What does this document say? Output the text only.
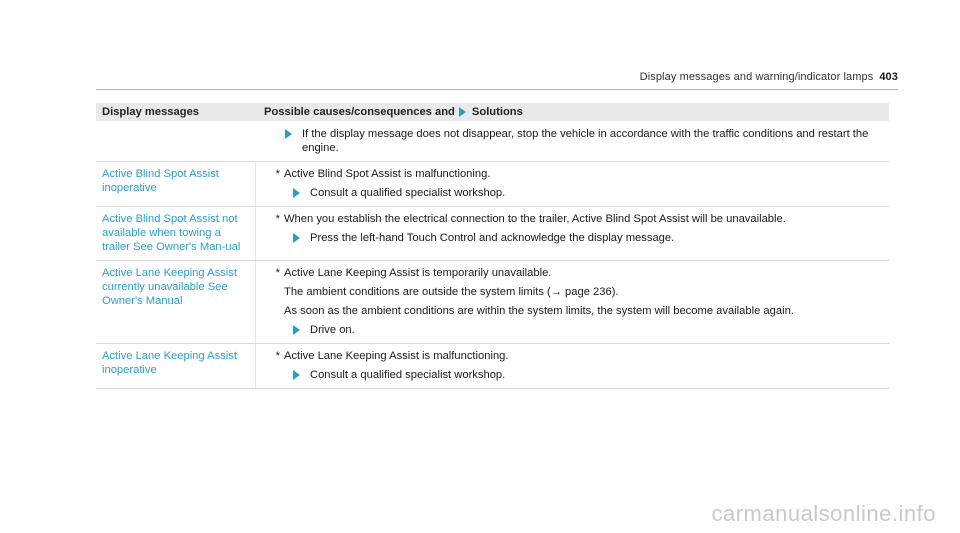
Display messages and warning/indicator lamps 403
Display messages	Possible causes/consequences and Solutions
If the display message does not disappear, stop the vehicle in accordance with the traffic conditions and restart the engine.
Active Blind Spot Assist inoperative
* Active Blind Spot Assist is malfunctioning.
Consult a qualified specialist workshop.
Active Blind Spot Assist not available when towing a trailer See Owner's Man-ual
* When you establish the electrical connection to the trailer, Active Blind Spot Assist will be unavailable.
Press the left-hand Touch Control and acknowledge the display message.
Active Lane Keeping Assist currently unavailable See Owner's Manual
* Active Lane Keeping Assist is temporarily unavailable.
The ambient conditions are outside the system limits (→ page 236).
As soon as the ambient conditions are within the system limits, the system will become available again.
Drive on.
Active Lane Keeping Assist inoperative
* Active Lane Keeping Assist is malfunctioning.
Consult a qualified specialist workshop.
carmanualsonline.info
